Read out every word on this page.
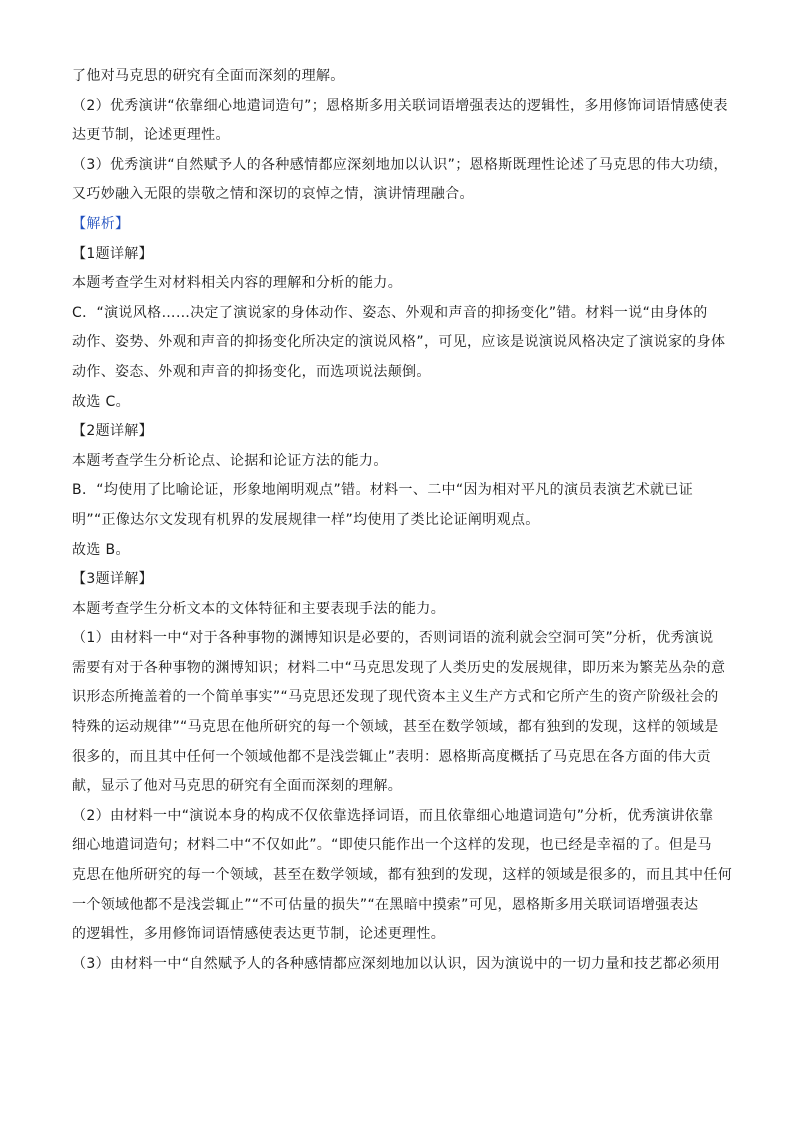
了他对马克思的研究有全面而深刻的理解。
（2）优秀演讲“依靠细心地遣词造句”；恩格斯多用关联词语增强表达的逻辑性，多用修饰词语情感使表
达更节制，论述更理性。
（3）优秀演讲“自然赋予人的各种感情都应深刻地加以认识”；恩格斯既理性论述了马克思的伟大功绩，
又巧妙融入无限的崇敬之情和深切的哀悼之情，演讲情理融合。
【解析】
【1题详解】
本题考查学生对材料相关内容的理解和分析的能力。
C．“演说风格……决定了演说家的身体动作、姿态、外观和声音的抑扬变化”错。材料一说“由身体的
动作、姿势、外观和声音的抑扬变化所决定的演说风格”，可见，应该是说演说风格决定了演说家的身体
动作、姿态、外观和声音的抑扬变化，而选项说法颠倒。
故选 C。
【2题详解】
本题考查学生分析论点、论据和论证方法的能力。
B．“均使用了比喻论证，形象地阐明观点”错。材料一、二中“因为相对平凡的演员表演艺术就已证
明”“正像达尔文发现有机界的发展规律一样”均使用了类比论证阐明观点。
故选 B。
【3题详解】
本题考查学生分析文本的文体特征和主要表现手法的能力。
（1）由材料一中“对于各种事物的渊博知识是必要的，否则词语的流利就会空洞可笑”分析，优秀演说
需要有对于各种事物的渊博知识；材料二中“马克思发现了人类历史的发展规律，即历来为繁芜丛杂的意
识形态所掩盖着的一个简单事实”“马克思还发现了现代资本主义生产方式和它所产生的资产阶级社会的
特殊的运动规律”“马克思在他所研究的每一个领域，甚至在数学领域，都有独到的发现，这样的领域是
很多的，而且其中任何一个领域他都不是浅尝辄止”表明：恩格斯高度概括了马克思在各方面的伟大贡
献，显示了他对马克思的研究有全面而深刻的理解。
（2）由材料一中“演说本身的构成不仅依靠选择词语，而且依靠细心地遣词造句”分析，优秀演讲依靠
细心地遣词造句；材料二中“不仅如此”。“即使只能作出一个这样的发现，也已经是幸福的了。但是马
克思在他所研究的每一个领域，甚至在数学领域，都有独到的发现，这样的领域是很多的，而且其中任何
一个领域他都不是浅尝辄止”“不可估量的损失”“在黑暗中摸索”可见，恩格斯多用关联词语增强表达
的逻辑性，多用修饰词语情感使表达更节制，论述更理性。
（3）由材料一中“自然赋予人的各种感情都应深刻地加以认识，因为演说中的一切力量和技艺都必须用
